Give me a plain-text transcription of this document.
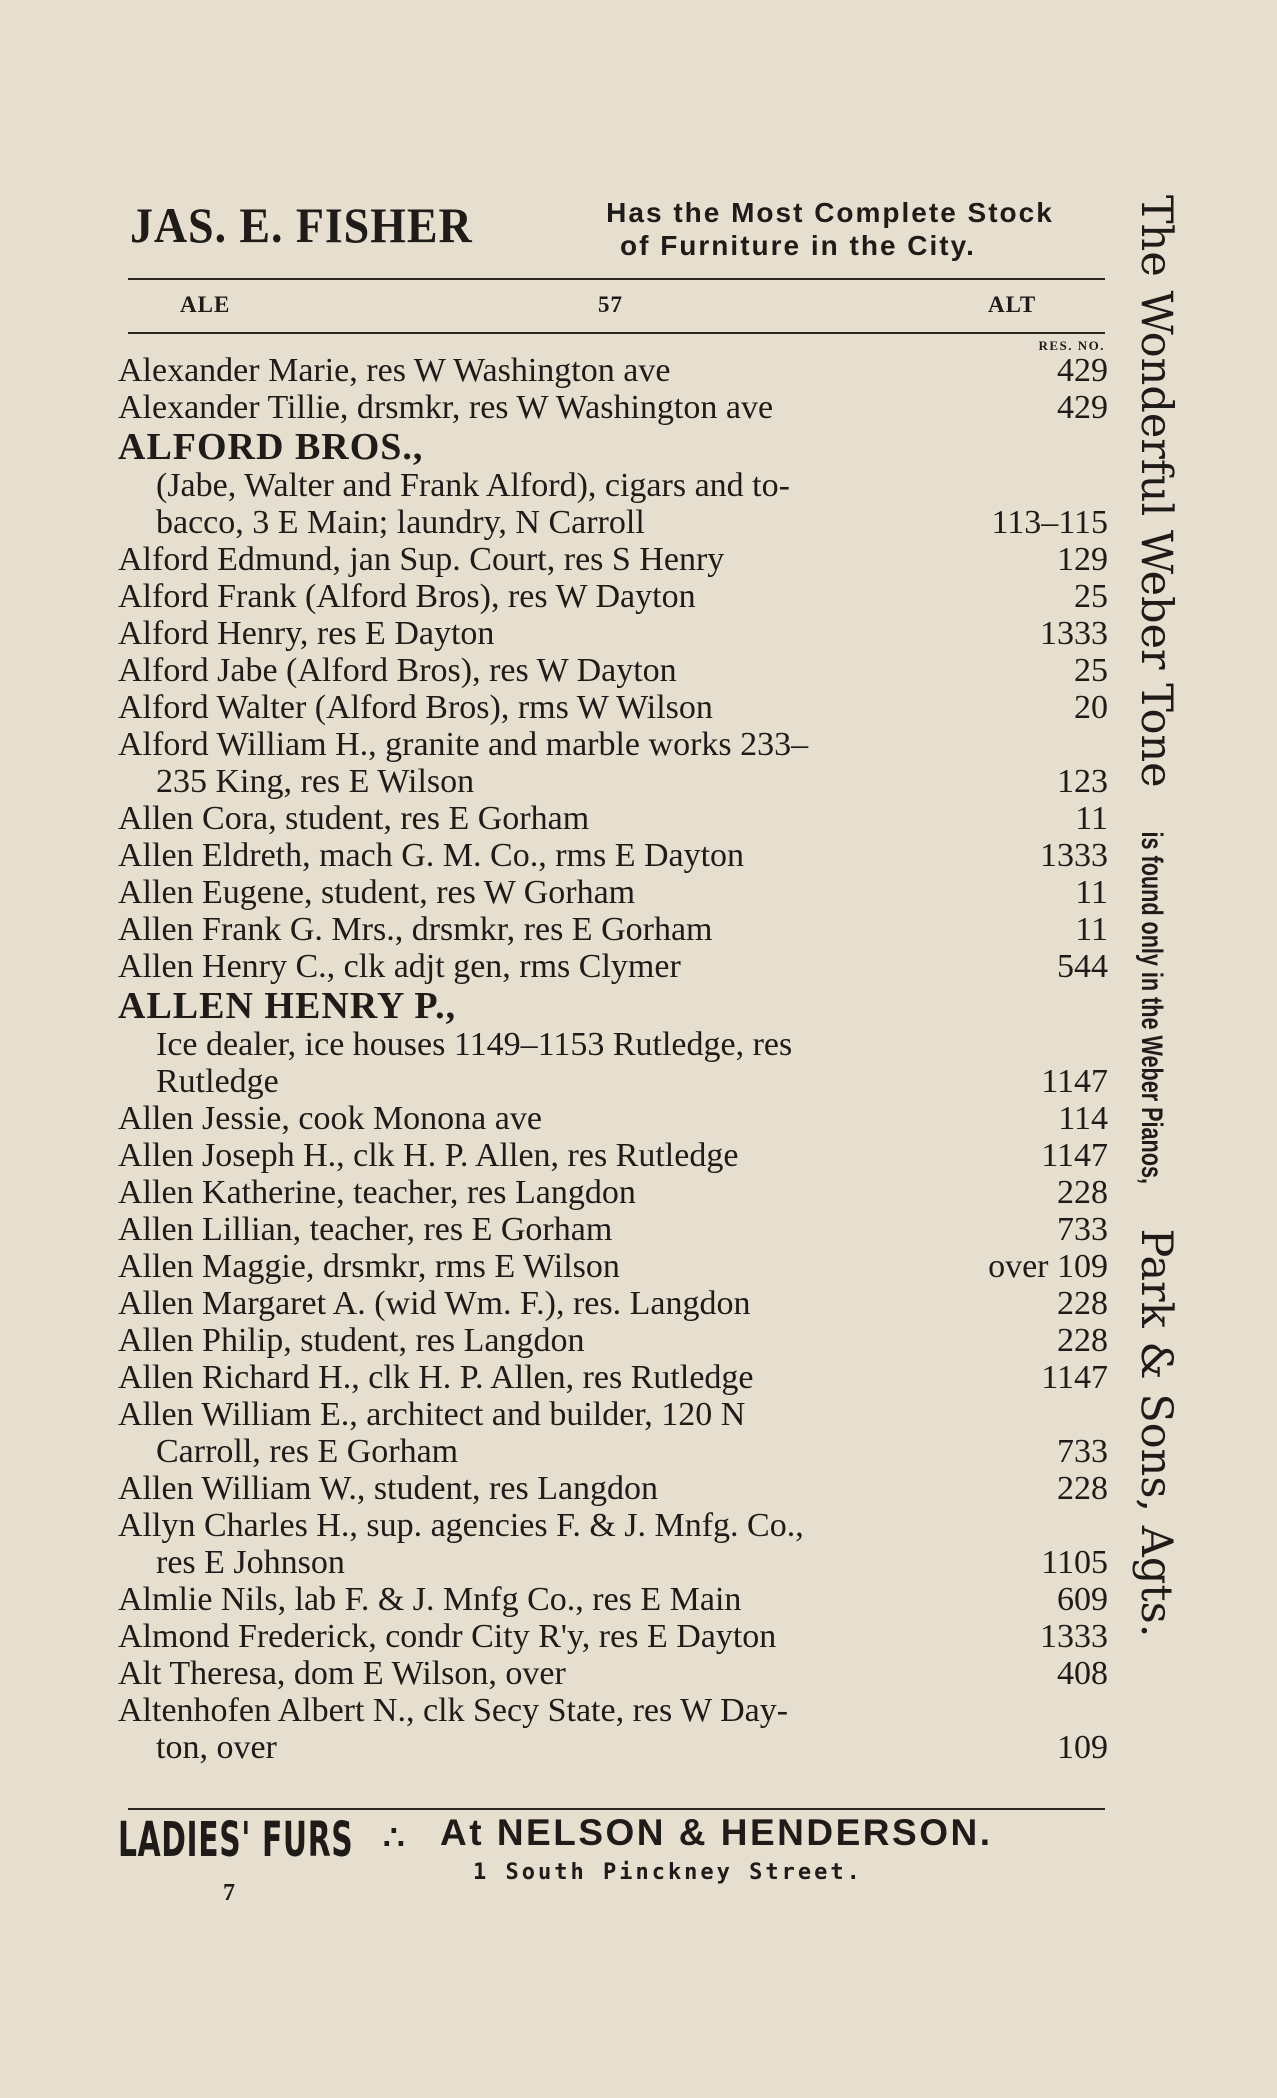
JAS. E. FISHER	Has the Most Complete Stock
of Furniture in the City.
ALE	57	ALT
RES. NO.
Alexander Marie, res W Washington ave	429
Alexander Tillie, drsmkr, res W Washington ave	429
ALFORD BROS.,
(Jabe, Walter and Frank Alford), cigars and to-
bacco, 3 E Main; laundry, N Carroll	113–115
Alford Edmund, jan Sup. Court, res S Henry	129
Alford Frank (Alford Bros), res W Dayton	25
Alford Henry, res E Dayton	1333
Alford Jabe (Alford Bros), res W Dayton	25
Alford Walter (Alford Bros), rms W Wilson	20
Alford William H., granite and marble works 233–
235 King, res E Wilson	123
Allen Cora, student, res E Gorham	11
Allen Eldreth, mach G. M. Co., rms E Dayton	1333
Allen Eugene, student, res W Gorham	11
Allen Frank G. Mrs., drsmkr, res E Gorham	11
Allen Henry C., clk adjt gen, rms Clymer	544
ALLEN HENRY P.,
Ice dealer, ice houses 1149–1153 Rutledge, res
Rutledge	1147
Allen Jessie, cook Monona ave	114
Allen Joseph H., clk H. P. Allen, res Rutledge	1147
Allen Katherine, teacher, res Langdon	228
Allen Lillian, teacher, res E Gorham	733
Allen Maggie, drsmkr, rms E Wilson	over 109
Allen Margaret A. (wid Wm. F.), res. Langdon	228
Allen Philip, student, res Langdon	228
Allen Richard H., clk H. P. Allen, res Rutledge	1147
Allen William E., architect and builder, 120 N
Carroll, res E Gorham	733
Allen William W., student, res Langdon	228
Allyn Charles H., sup. agencies F. & J. Mnfg. Co.,
res E Johnson	1105
Almlie Nils, lab F. & J. Mnfg Co., res E Main	609
Almond Frederick, condr City R'y, res E Dayton	1333
Alt Theresa, dom E Wilson, over	408
Altenhofen Albert N., clk Secy State, res W Day-
ton, over	109
LADIES' FURS ∴ At NELSON & HENDERSON.
1 South Pinckney Street.
7
The Wonderful Weber Tone is found only in the Weber Pianos, Park & Sons, Agts.
